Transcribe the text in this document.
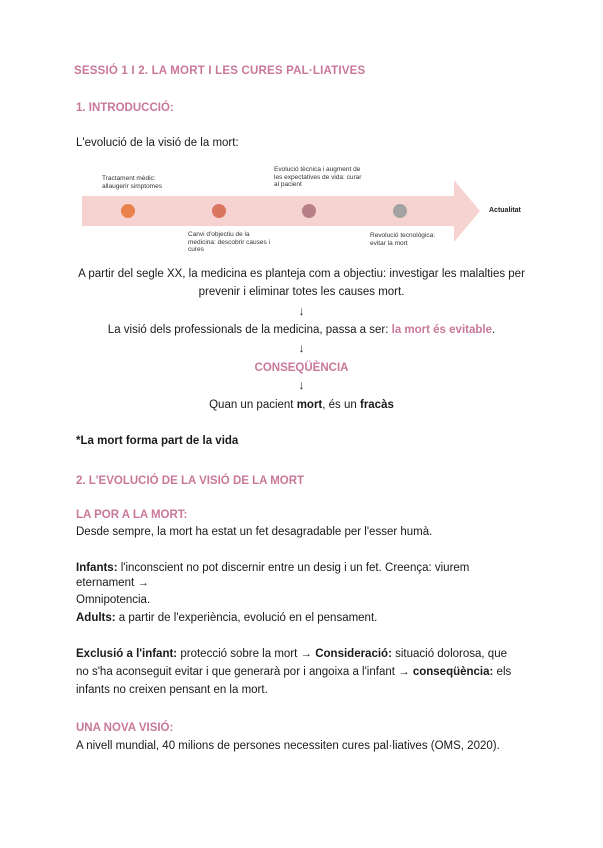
SESSIÓ 1 I 2. LA MORT I LES CURES PAL·LIATIVES
1. INTRODUCCIÓ:
L'evolució de la visió de la mort:
Tractament mèdic: allaugerir simptomes
Evolució tècnica i augment de les expectatives de vida: curar al pacient
Canvi d'objectiu de la medicina: descobrir causes i cures
Revolució tecnològica: evitar la mort
Actualitat
A partir del segle XX, la medicina es planteja com a objectiu: investigar les malalties per
prevenir i eliminar totes les causes mort.
↓
La visió dels professionals de la medicina, passa a ser: la mort és evitable.
↓
CONSEQÜÈNCIA
↓
Quan un pacient mort, és un fracàs
*La mort forma part de la vida
2. L'EVOLUCIÓ DE LA VISIÓ DE LA MORT
LA POR A LA MORT:
Desde sempre, la mort ha estat un fet desagradable per l'esser humà.
Infants: l'inconscient no pot discernir entre un desig i un fet. Creença: viurem
eternament →
Omnipotencia.
Adults: a partir de l'experiència, evolució en el pensament.
Exclusió a l'infant: protecció sobre la mort → Consideració: situació dolorosa, que
no s'ha aconseguit evitar i que generarà por i angoixa a l'infant → conseqüència: els
infants no creixen pensant en la mort.
UNA NOVA VISIÓ:
A nivell mundial, 40 milions de persones necessiten cures pal·liatives (OMS, 2020).
